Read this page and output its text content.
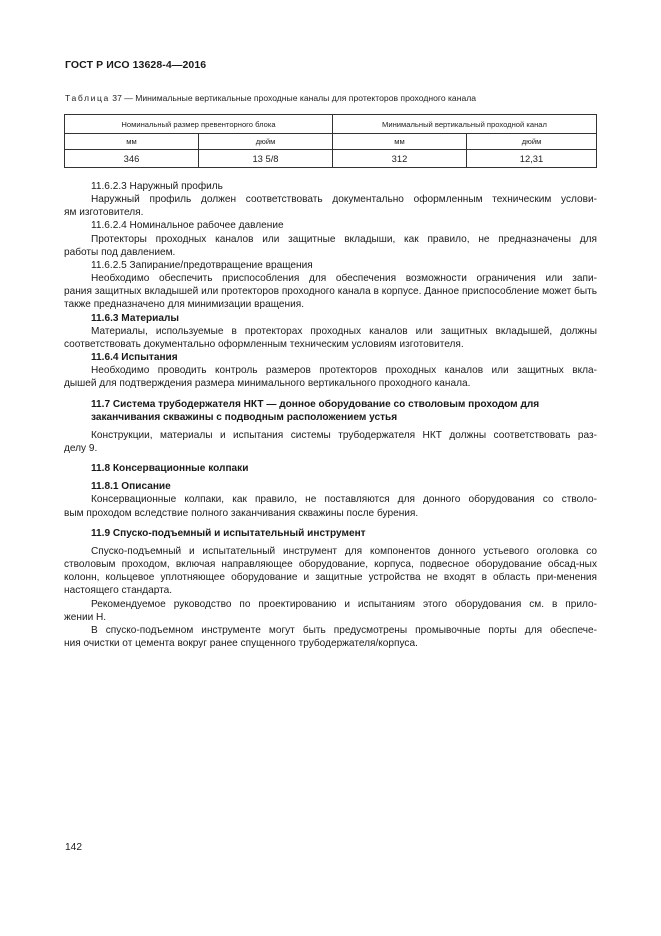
ГОСТ Р ИСО 13628-4—2016
Таблица 37 — Минимальные вертикальные проходные каналы для протекторов проходного канала
Номинальный размер превенторного блока		Минимальный вертикальный проходной канал	
мм	дюйм	мм	дюйм
346	13 5/8	312	12,31

11.6.2.3 Наружный профиль

Наружный профиль должен соответствовать документально оформленным техническим услови-

ям изготовителя.

11.6.2.4 Номинальное рабочее давление

Протекторы проходных каналов или защитные вкладыши, как правило, не предназначены для

работы под давлением.

11.6.2.5 Запирание/предотвращение вращения

Необходимо обеспечить приспособления для обеспечения возможности ограничения или запи-

рания защитных вкладышей или протекторов проходного канала в корпусе. Данное приспособление может быть также предназначено для минимизации вращения.

11.6.3 Материалы

Материалы, используемые в протекторах проходных каналов или защитных вкладышей, должны

соответствовать документально оформленным техническим условиям изготовителя.

11.6.4 Испытания

Необходимо проводить контроль размеров протекторов проходных каналов или защитных вкла-

дышей для подтверждения размера минимального вертикального проходного канала.

11.7 Система трубодержателя НКТ — донное оборудование со стволовым проходом для

заканчивания скважины с подводным расположением устья

Конструкции, материалы и испытания системы трубодержателя НКТ должны соответствовать раз-

делу 9.

11.8 Консервационные колпаки

11.8.1 Описание

Консервационные колпаки, как правило, не поставляются для донного оборудования со стволо-

вым проходом вследствие полного заканчивания скважины после бурения.

11.9 Спуско-подъемный и испытательный инструмент

Спуско-подъемный и испытательный инструмент для компонентов донного устьевого оголовка со

стволовым проходом, включая направляющее оборудование, корпуса, подвесное оборудование обсад-ных колонн, кольцевое уплотняющее оборудование и защитные устройства не входят в область при-менения настоящего стандарта.

Рекомендуемое руководство по проектированию и испытаниям этого оборудования см. в прило-

жении Н.

В спуско-подъемном инструменте могут быть предусмотрены промывочные порты для обеспече-

ния очистки от цемента вокруг ранее спущенного трубодержателя/корпуса.

142
